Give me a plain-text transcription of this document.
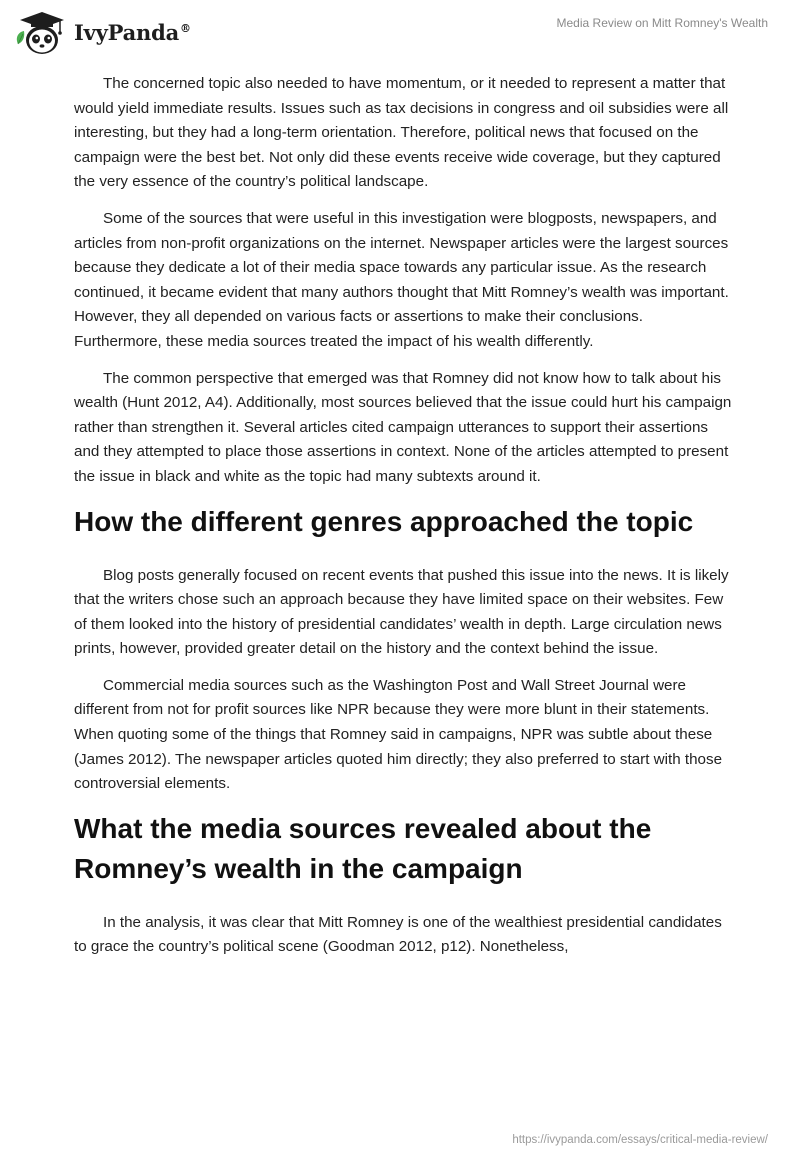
IvyPanda®	Media Review on Mitt Romney's Wealth

The concerned topic also needed to have momentum, or it needed to represent a matter that would yield immediate results. Issues such as tax decisions in congress and oil subsidies were all interesting, but they had a long-term orientation. Therefore, political news that focused on the campaign were the best bet. Not only did these events receive wide coverage, but they captured the very essence of the country’s political landscape.

Some of the sources that were useful in this investigation were blogposts, newspapers, and articles from non-profit organizations on the internet. Newspaper articles were the largest sources because they dedicate a lot of their media space towards any particular issue. As the research continued, it became evident that many authors thought that Mitt Romney’s wealth was important. However, they all depended on various facts or assertions to make their conclusions. Furthermore, these media sources treated the impact of his wealth differently.

The common perspective that emerged was that Romney did not know how to talk about his wealth (Hunt 2012, A4). Additionally, most sources believed that the issue could hurt his campaign rather than strengthen it. Several articles cited campaign utterances to support their assertions and they attempted to place those assertions in context. None of the articles attempted to present the issue in black and white as the topic had many subtexts around it.

How the different genres approached the topic

Blog posts generally focused on recent events that pushed this issue into the news. It is likely that the writers chose such an approach because they have limited space on their websites. Few of them looked into the history of presidential candidates’ wealth in depth. Large circulation news prints, however, provided greater detail on the history and the context behind the issue.

Commercial media sources such as the Washington Post and Wall Street Journal were different from not for profit sources like NPR because they were more blunt in their statements. When quoting some of the things that Romney said in campaigns, NPR was subtle about these (James 2012). The newspaper articles quoted him directly; they also preferred to start with those controversial elements.

What the media sources revealed about the Romney’s wealth in the campaign

In the analysis, it was clear that Mitt Romney is one of the wealthiest presidential candidates to grace the country’s political scene (Goodman 2012, p12). Nonetheless,

https://ivypanda.com/essays/critical-media-review/
